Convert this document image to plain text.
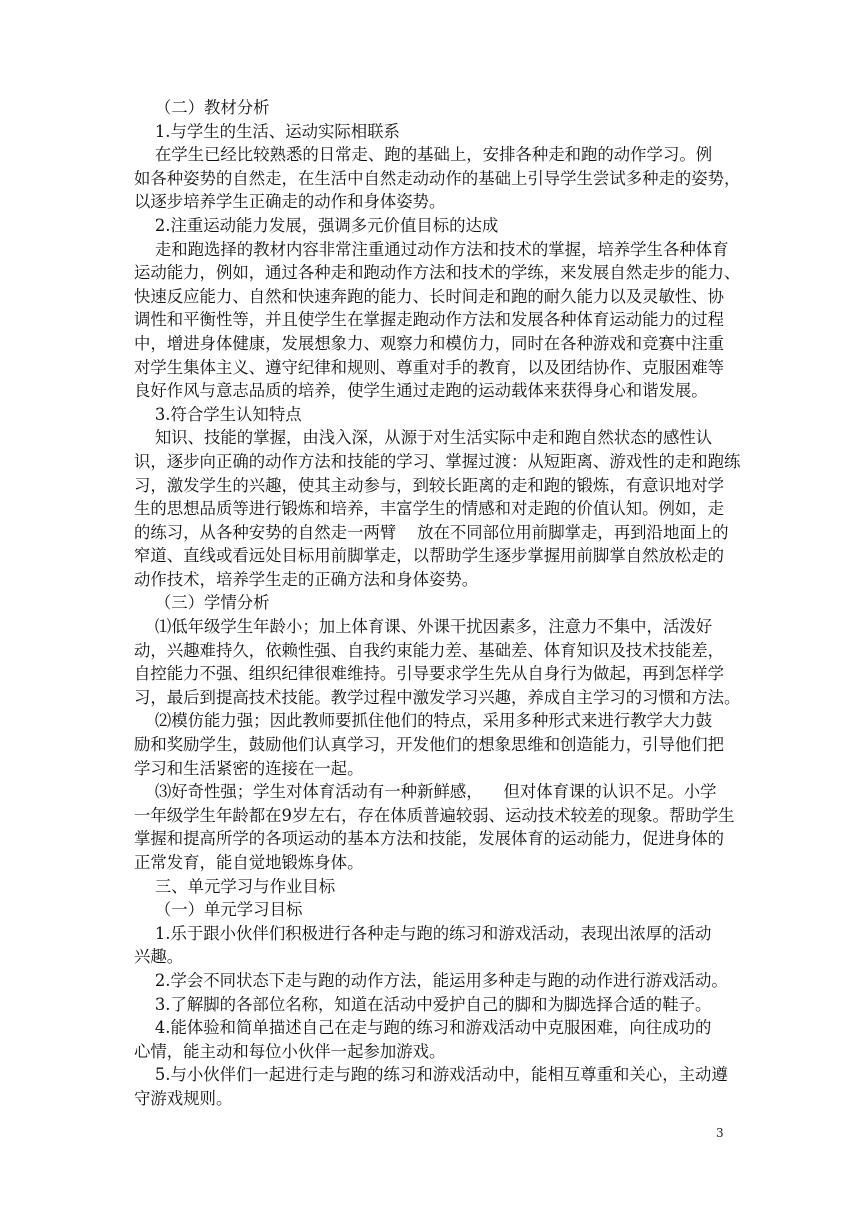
（二）教材分析
1.与学生的生活、运动实际相联系
在学生已经比较熟悉的日常走、跑的基础上，安排各种走和跑的动作学习。例
如各种姿势的自然走，在生活中自然走动动作的基础上引导学生尝试多种走的姿势，
以逐步培养学生正确走的动作和身体姿势。
2.注重运动能力发展，强调多元价值目标的达成
走和跑选择的教材内容非常注重通过动作方法和技术的掌握，培养学生各种体育
运动能力，例如，通过各种走和跑动作方法和技术的学练，来发展自然走步的能力、
快速反应能力、自然和快速奔跑的能力、长时间走和跑的耐久能力以及灵敏性、协
调性和平衡性等，并且使学生在掌握走跑动作方法和发展各种体育运动能力的过程
中，增进身体健康，发展想象力、观察力和模仿力，同时在各种游戏和竞赛中注重
对学生集体主义、遵守纪律和规则、尊重对手的教育，以及团结协作、克服困难等
良好作风与意志品质的培养，使学生通过走跑的运动载体来获得身心和谐发展。
3.符合学生认知特点
知识、技能的掌握，由浅入深，从源于对生活实际中走和跑自然状态的感性认
识，逐步向正确的动作方法和技能的学习、掌握过渡：从短距离、游戏性的走和跑练
习，激发学生的兴趣，使其主动参与，到较长距离的走和跑的锻炼，有意识地对学
生的思想品质等进行锻炼和培养，丰富学生的情感和对走跑的价值认知。例如，走
的练习，从各种安势的自然走一两臂    放在不同部位用前脚掌走，再到沿地面上的
窄道、直线或看远处目标用前脚掌走，以帮助学生逐步掌握用前脚掌自然放松走的
动作技术，培养学生走的正确方法和身体姿势。
（三）学情分析
⑴低年级学生年龄小；加上体育课、外课干扰因素多，注意力不集中，活泼好
动，兴趣难持久，依赖性强、自我约束能力差、基础差、体育知识及技术技能差，
自控能力不强、组织纪律很难维持。引导要求学生先从自身行为做起，再到怎样学
习，最后到提高技术技能。教学过程中激发学习兴趣，养成自主学习的习惯和方法。
⑵模仿能力强；因此教师要抓住他们的特点，采用多种形式来进行教学大力鼓
励和奖励学生，鼓励他们认真学习，开发他们的想象思维和创造能力，引导他们把
学习和生活紧密的连接在一起。
⑶好奇性强；学生对体育活动有一种新鲜感，    但对体育课的认识不足。小学
一年级学生年龄都在9岁左右，存在体质普遍较弱、运动技术较差的现象。帮助学生
掌握和提高所学的各项运动的基本方法和技能，发展体育的运动能力，促进身体的
正常发育，能自觉地锻炼身体。
三、单元学习与作业目标
（一）单元学习目标
1.乐于跟小伙伴们积极进行各种走与跑的练习和游戏活动，表现出浓厚的活动
兴趣。
2.学会不同状态下走与跑的动作方法，能运用多种走与跑的动作进行游戏活动。
3.了解脚的各部位名称，知道在活动中爱护自己的脚和为脚选择合适的鞋子。
4.能体验和简单描述自己在走与跑的练习和游戏活动中克服困难，向往成功的
心情，能主动和每位小伙伴一起参加游戏。
5.与小伙伴们一起进行走与跑的练习和游戏活动中，能相互尊重和关心，主动遵
守游戏规则。
3
